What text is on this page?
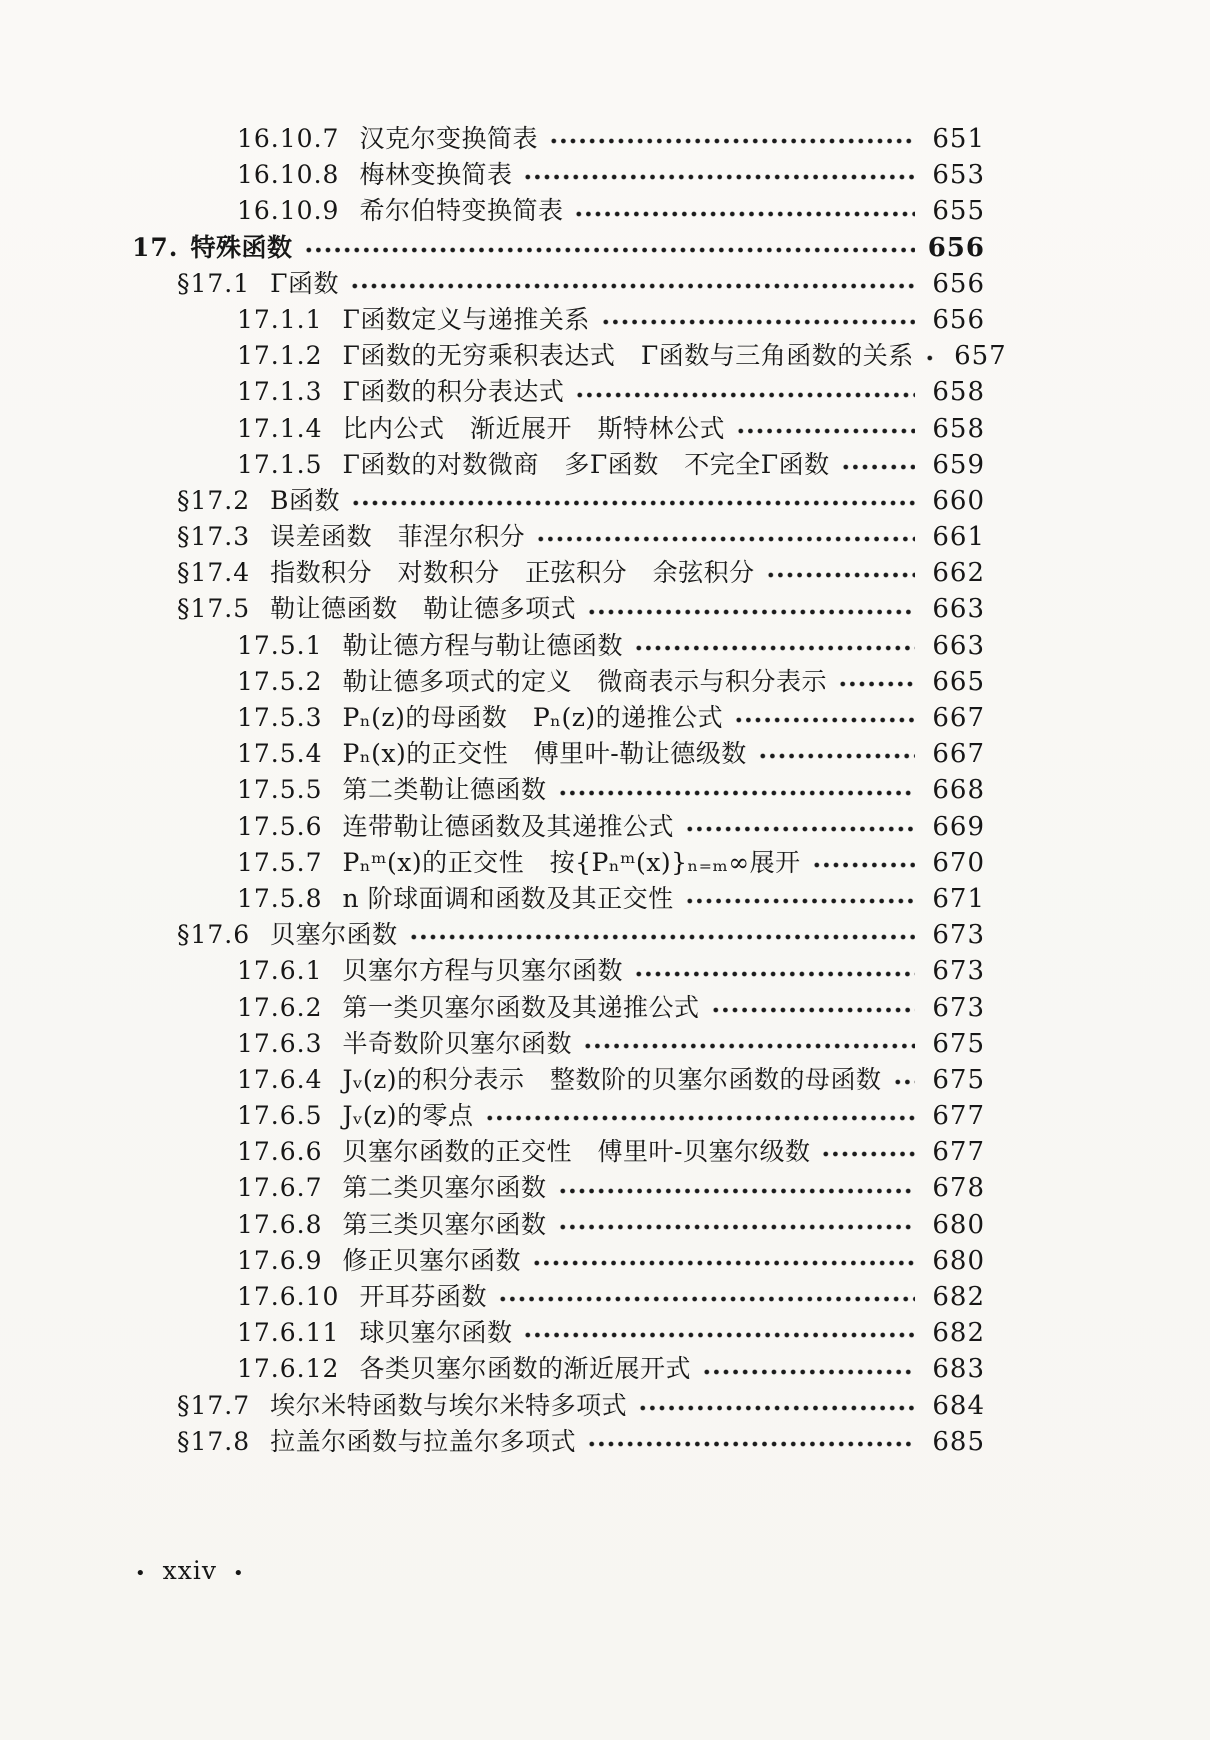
16.10.7 汉克尔变换简表	651
16.10.8 梅林变换简表	653
16.10.9 希尔伯特变换简表	655
17. 特殊函数	656
§17.1 Γ函数	656
17.1.1 Γ函数定义与递推关系	656
17.1.2 Γ函数的无穷乘积表达式　Γ函数与三角函数的关系 657
17.1.3 Γ函数的积分表达式	658
17.1.4 比内公式　渐近展开　斯特林公式	658
17.1.5 Γ函数的对数微商　多Γ函数　不完全Γ函数	659
§17.2 B函数	660
§17.3 误差函数　菲涅尔积分	661
§17.4 指数积分　对数积分　正弦积分　余弦积分	662
§17.5 勒让德函数　勒让德多项式	663
17.5.1 勒让德方程与勒让德函数	663
17.5.2 勒让德多项式的定义　微商表示与积分表示	665
17.5.3 Pₙ(z)的母函数　Pₙ(z)的递推公式	667
17.5.4 Pₙ(x)的正交性　傅里叶-勒让德级数	667
17.5.5 第二类勒让德函数	668
17.5.6 连带勒让德函数及其递推公式	669
17.5.7 Pₙᵐ(x)的正交性　按{Pₙᵐ(x)}ₙ₌ₘ∞展开	670
17.5.8 n 阶球面调和函数及其正交性	671
§17.6 贝塞尔函数	673
17.6.1 贝塞尔方程与贝塞尔函数	673
17.6.2 第一类贝塞尔函数及其递推公式	673
17.6.3 半奇数阶贝塞尔函数	675
17.6.4 Jᵥ(z)的积分表示　整数阶的贝塞尔函数的母函数 675
17.6.5 Jᵥ(z)的零点	677
17.6.6 贝塞尔函数的正交性　傅里叶-贝塞尔级数	677
17.6.7 第二类贝塞尔函数	678
17.6.8 第三类贝塞尔函数	680
17.6.9 修正贝塞尔函数	680
17.6.10 开耳芬函数	682
17.6.11 球贝塞尔函数	682
17.6.12 各类贝塞尔函数的渐近展开式	683
§17.7 埃尔米特函数与埃尔米特多项式	684
§17.8 拉盖尔函数与拉盖尔多项式	685
• xxiv •
